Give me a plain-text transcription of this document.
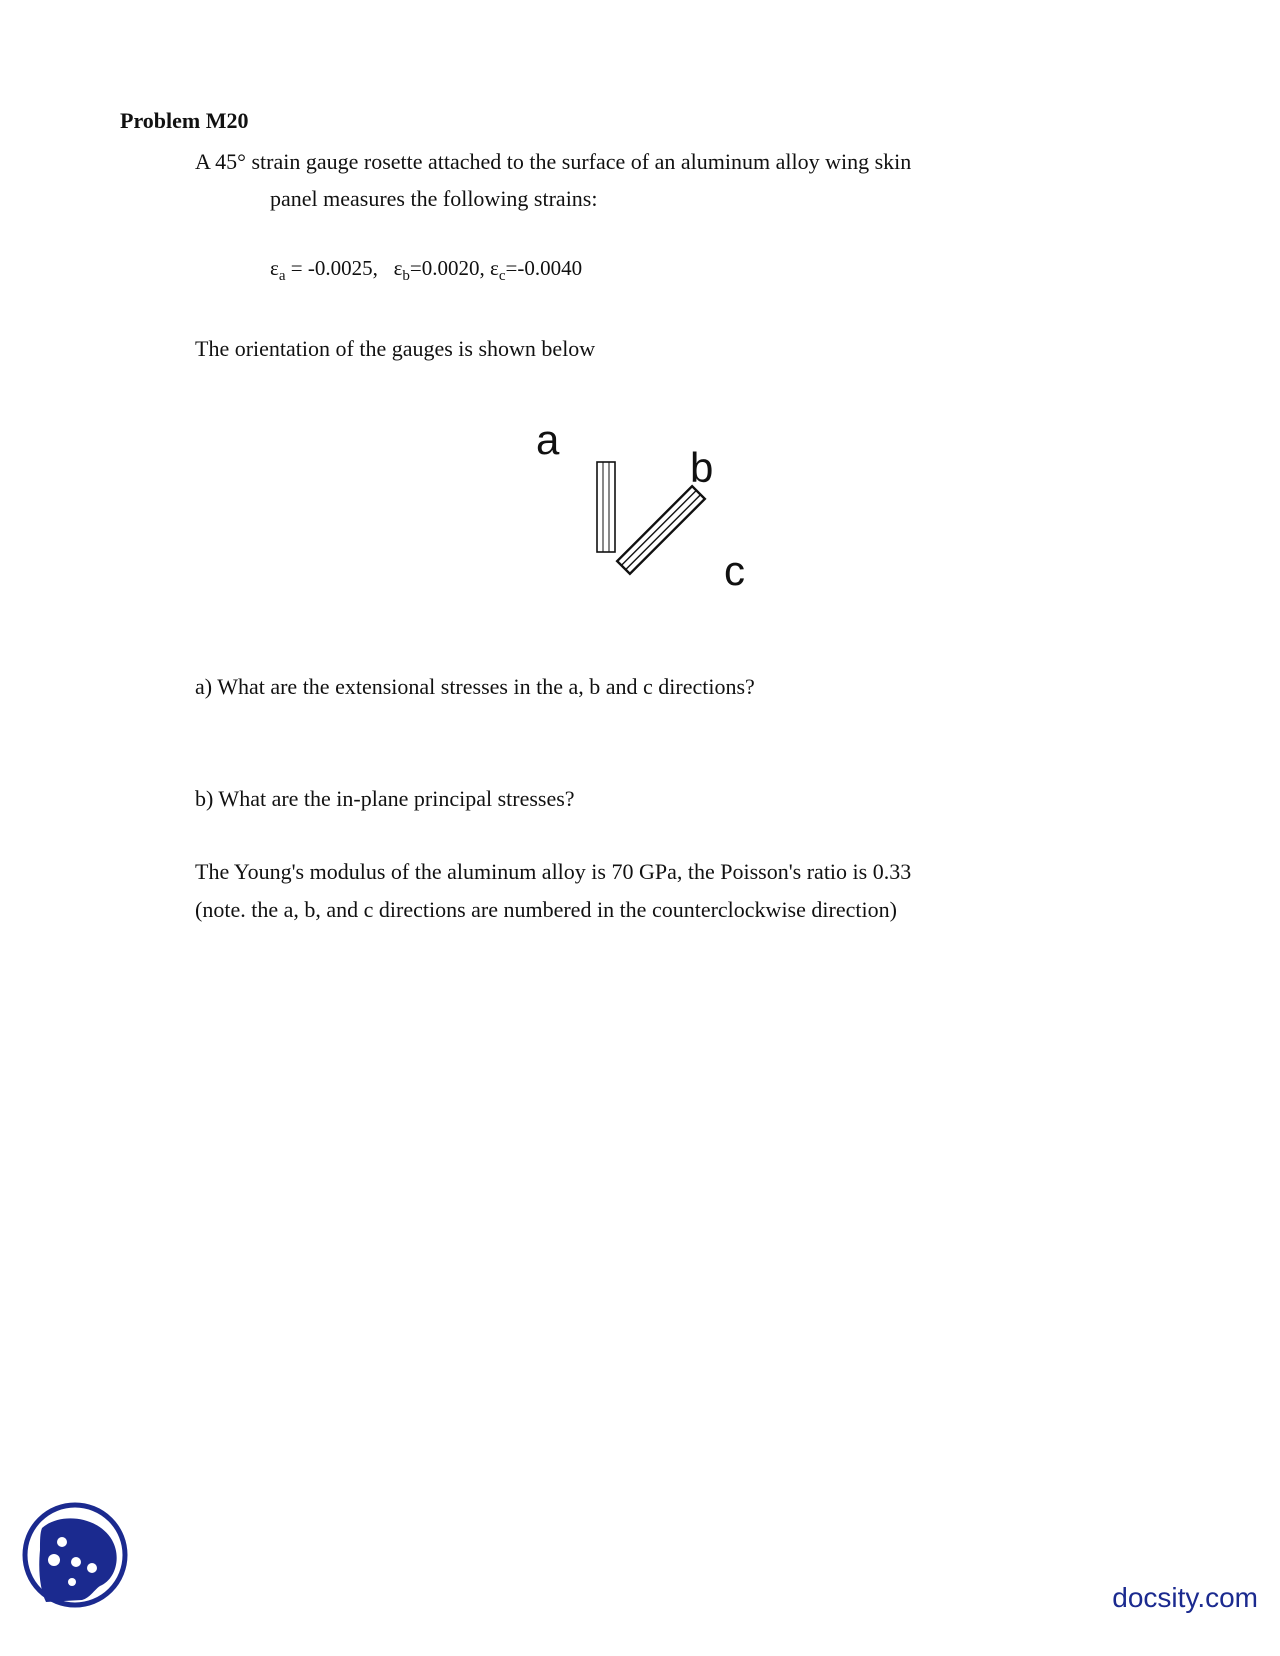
Problem M20
A 45° strain gauge rosette attached to the surface of an aluminum alloy wing skin
panel measures the following strains:
$\varepsilon_a = -0.0025$, $\varepsilon_b=0.0020$, $\varepsilon_c=-0.0040$
The orientation of the gauges is shown below
a
b
c
a) What are the extensional stresses in the a, b and c directions?
b) What are the in-plane principal stresses?
The Young's modulus of the aluminum alloy is 70 GPa, the Poisson's ratio is 0.33
(note. the a, b, and c directions are numbered in the counterclockwise direction)
docsity.com
